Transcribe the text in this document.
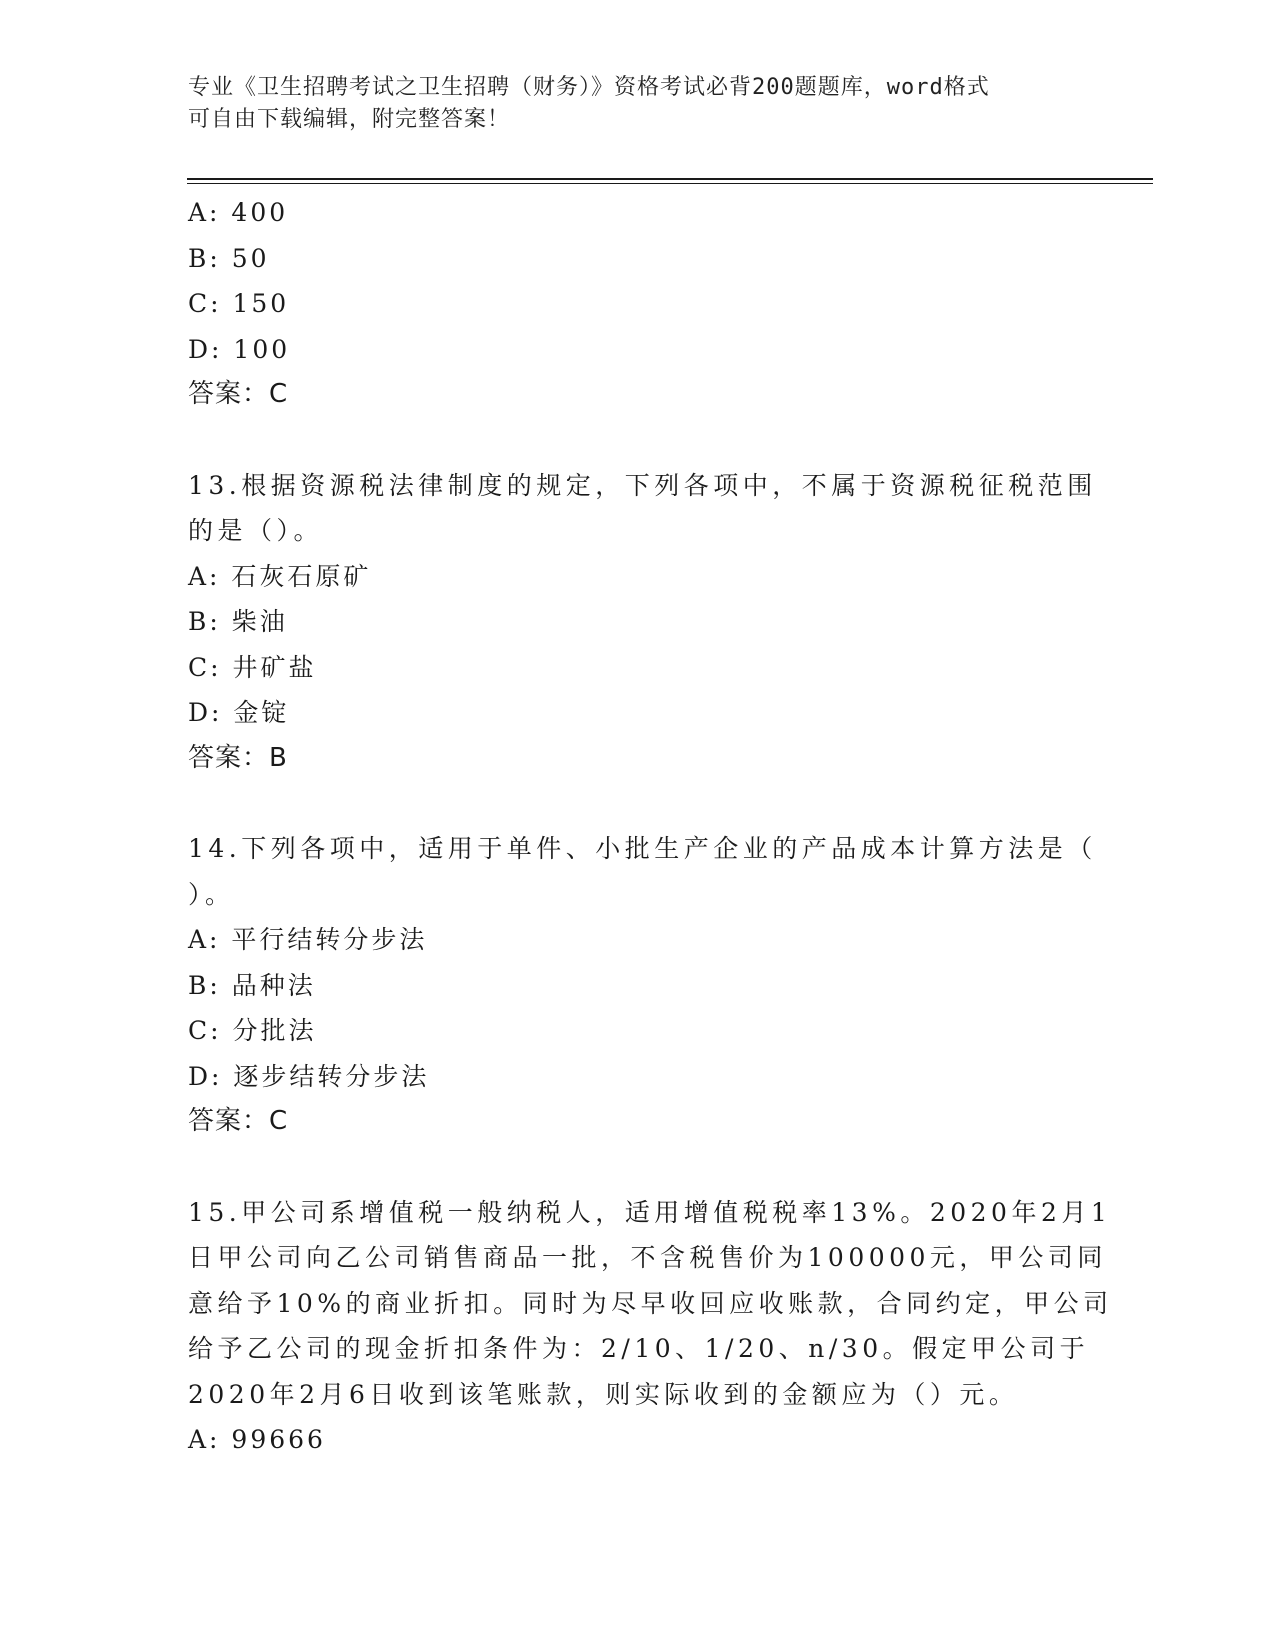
专业《卫生招聘考试之卫生招聘（财务）》资格考试必背200题题库，word格式
可自由下载编辑，附完整答案！
A: 400
B: 50
C: 150
D: 100
答案：C
13.根据资源税法律制度的规定，下列各项中，不属于资源税征税范围
的是（）。
A: 石灰石原矿
B: 柴油
C: 井矿盐
D: 金锭
答案：B
14.下列各项中，适用于单件、小批生产企业的产品成本计算方法是（
）。
A: 平行结转分步法
B: 品种法
C: 分批法
D: 逐步结转分步法
答案：C
15.甲公司系增值税一般纳税人，适用增值税税率13%。2020年2月1
日甲公司向乙公司销售商品一批，不含税售价为100000元，甲公司同
意给予10%的商业折扣。同时为尽早收回应收账款，合同约定，甲公司
给予乙公司的现金折扣条件为：2/10、1/20、n/30。假定甲公司于
2020年2月6日收到该笔账款，则实际收到的金额应为（）元。
A: 99666
